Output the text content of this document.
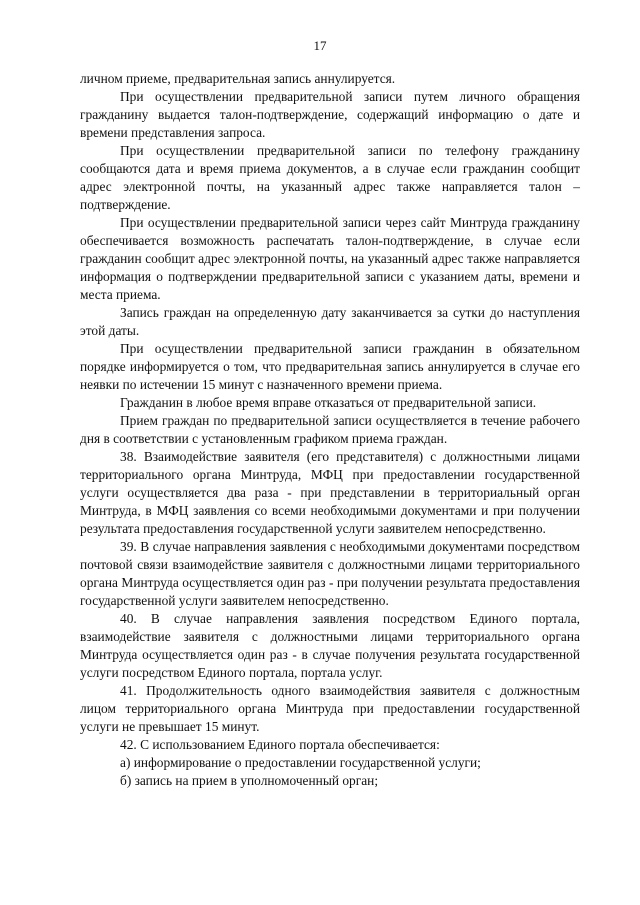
17

личном приеме, предварительная запись аннулируется.

При осуществлении предварительной записи путем личного обращения гражданину выдается талон-подтверждение, содержащий информацию о дате и времени представления запроса.

При осуществлении предварительной записи по телефону гражданину сообщаются дата и время приема документов, а в случае если гражданин сообщит адрес электронной почты, на указанный адрес также направляется талон – подтверждение.

При осуществлении предварительной записи через сайт Минтруда гражданину обеспечивается возможность распечатать талон-подтверждение, в случае если гражданин сообщит адрес электронной почты, на указанный адрес также направляется информация о подтверждении предварительной записи с указанием даты, времени и места приема.

Запись граждан на определенную дату заканчивается за сутки до наступления этой даты.

При осуществлении предварительной записи гражданин в обязательном порядке информируется о том, что предварительная запись аннулируется в случае его неявки по истечении 15 минут с назначенного времени приема.

Гражданин в любое время вправе отказаться от предварительной записи.

Прием граждан по предварительной записи осуществляется в течение рабочего дня в соответствии с установленным графиком приема граждан.

38. Взаимодействие заявителя (его представителя) с должностными лицами территориального органа Минтруда, МФЦ при предоставлении государственной услуги осуществляется два раза - при представлении в территориальный орган Минтруда, в МФЦ заявления со всеми необходимыми документами и при получении результата предоставления государственной услуги заявителем непосредственно.

39. В случае направления заявления с необходимыми документами посредством почтовой связи взаимодействие заявителя с должностными лицами территориального органа Минтруда осуществляется один раз - при получении результата предоставления государственной услуги заявителем непосредственно.

40. В случае направления заявления посредством Единого портала, взаимодействие заявителя с должностными лицами территориального органа Минтруда осуществляется один раз - в случае получения результата государственной услуги посредством Единого портала, портала услуг.

41. Продолжительность одного взаимодействия заявителя с должностным лицом территориального органа Минтруда при предоставлении государственной услуги не превышает 15 минут.

42. С использованием Единого портала обеспечивается:

а) информирование о предоставлении государственной услуги;

б) запись на прием в уполномоченный орган;
